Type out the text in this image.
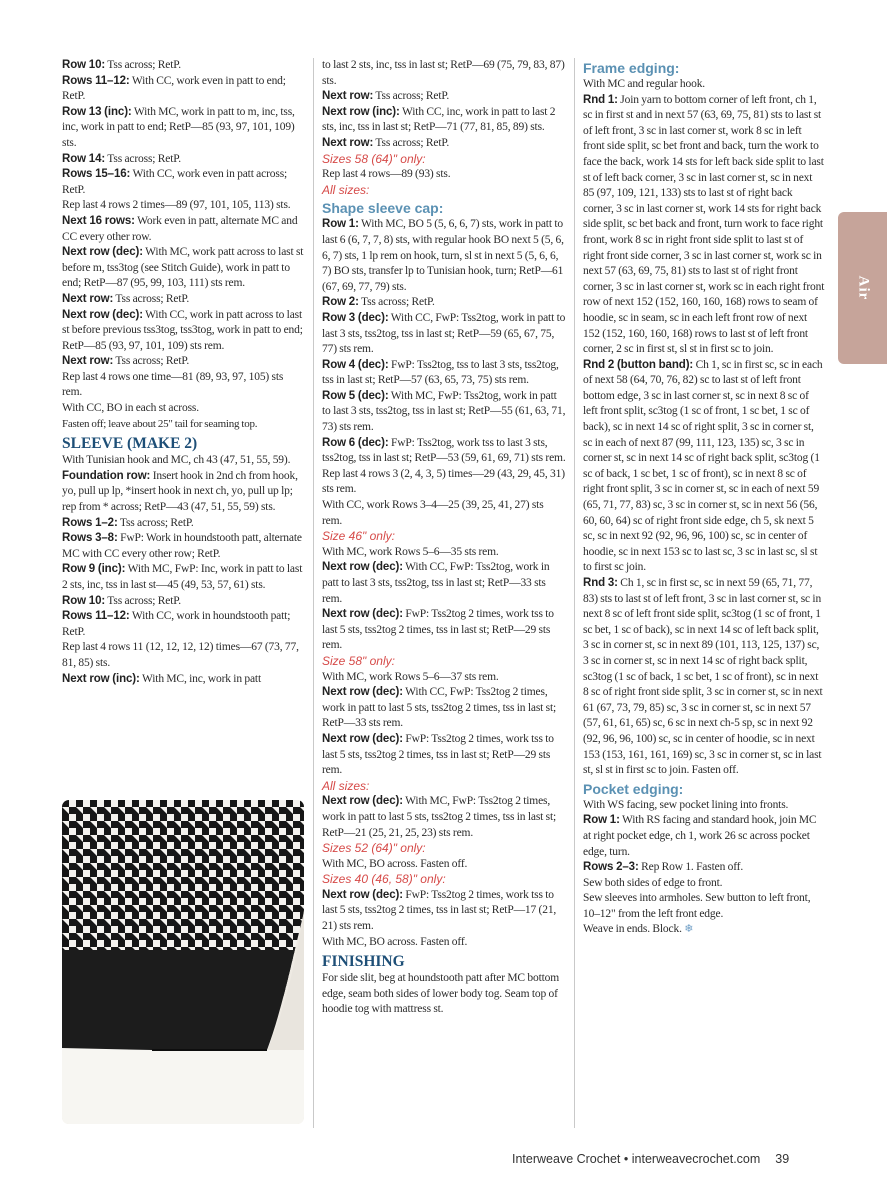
Row 10: Tss across; RetP.

Rows 11–12: With CC, work even in patt to end; RetP.

Row 13 (inc): With MC, work in patt to m, inc, tss, inc, work in patt to end; RetP—85 (93, 97, 101, 109) sts.

Row 14: Tss across; RetP.

Rows 15–16: With CC, work even in patt across; RetP.

Rep last 4 rows 2 times—89 (97, 101, 105, 113) sts.

Next 16 rows: Work even in patt, alternate MC and CC every other row.

Next row (dec): With MC, work patt across to last st before m, tss3tog (see Stitch Guide), work in patt to end; RetP—87 (95, 99, 103, 111) sts rem.

Next row: Tss across; RetP.

Next row (dec): With CC, work in patt across to last st before previous tss3tog, tss3tog, work in patt to end; RetP—85 (93, 97, 101, 109) sts rem.

Next row: Tss across; RetP.

Rep last 4 rows one time—81 (89, 93, 97, 105) sts rem.

With CC, BO in each st across.

Fasten off; leave about 25" tail for seaming top.

SLEEVE (MAKE 2)

With Tunisian hook and MC, ch 43 (47, 51, 55, 59).

Foundation row: Insert hook in 2nd ch from hook, yo, pull up lp, *insert hook in next ch, yo, pull up lp; rep from * across; RetP—43 (47, 51, 55, 59) sts.

Rows 1–2: Tss across; RetP.

Rows 3–8: FwP: Work in houndstooth patt, alternate MC with CC every other row; RetP.

Row 9 (inc): With MC, FwP: Inc, work in patt to last 2 sts, inc, tss in last st—45 (49, 53, 57, 61) sts.

Row 10: Tss across; RetP.

Rows 11–12: With CC, work in houndstooth patt; RetP.

Rep last 4 rows 11 (12, 12, 12, 12) times—67 (73, 77, 81, 85) sts.

Next row (inc): With MC, inc, work in patt

to last 2 sts, inc, tss in last st; RetP—69 (75, 79, 83, 87) sts.

Next row: Tss across; RetP.

Next row (inc): With CC, inc, work in patt to last 2 sts, inc, tss in last st; RetP—71 (77, 81, 85, 89) sts.

Next row: Tss across; RetP.

Sizes 58 (64)" only:

Rep last 4 rows—89 (93) sts.

All sizes:

Shape sleeve cap:

Row 1: With MC, BO 5 (5, 6, 6, 7) sts, work in patt to last 6 (6, 7, 7, 8) sts, with regular hook BO next 5 (5, 6, 6, 7) sts, 1 lp rem on hook, turn, sl st in next 5 (5, 6, 6, 7) BO sts, transfer lp to Tunisian hook, turn; RetP—61 (67, 69, 77, 79) sts.

Row 2: Tss across; RetP.

Row 3 (dec): With CC, FwP: Tss2tog, work in patt to last 3 sts, tss2tog, tss in last st; RetP—59 (65, 67, 75, 77) sts rem.

Row 4 (dec): FwP: Tss2tog, tss to last 3 sts, tss2tog, tss in last st; RetP—57 (63, 65, 73, 75) sts rem.

Row 5 (dec): With MC, FwP: Tss2tog, work in patt to last 3 sts, tss2tog, tss in last st; RetP—55 (61, 63, 71, 73) sts rem.

Row 6 (dec): FwP: Tss2tog, work tss to last 3 sts, tss2tog, tss in last st; RetP—53 (59, 61, 69, 71) sts rem.

Rep last 4 rows 3 (2, 4, 3, 5) times—29 (43, 29, 45, 31) sts rem.

With CC, work Rows 3–4—25 (39, 25, 41, 27) sts rem.

Size 46" only:

With MC, work Rows 5–6—35 sts rem.

Next row (dec): With CC, FwP: Tss2tog, work in patt to last 3 sts, tss2tog, tss in last st; RetP—33 sts rem.

Next row (dec): FwP: Tss2tog 2 times, work tss to last 5 sts, tss2tog 2 times, tss in last st; RetP—29 sts rem.

Size 58" only:

With MC, work Rows 5–6—37 sts rem.

Next row (dec): With CC, FwP: Tss2tog 2 times, work in patt to last 5 sts, tss2tog 2 times, tss in last st; RetP—33 sts rem.

Next row (dec): FwP: Tss2tog 2 times, work tss to last 5 sts, tss2tog 2 times, tss in last st; RetP—29 sts rem.

All sizes:

Next row (dec): With MC, FwP: Tss2tog 2 times, work in patt to last 5 sts, tss2tog 2 times, tss in last st; RetP—21 (25, 21, 25, 23) sts rem.

Sizes 52 (64)" only:

With MC, BO across. Fasten off.

Sizes 40 (46, 58)" only:

Next row (dec): FwP: Tss2tog 2 times, work tss to last 5 sts, tss2tog 2 times, tss in last st; RetP—17 (21, 21) sts rem.

With MC, BO across. Fasten off.

FINISHING

For side slit, beg at houndstooth patt after MC bottom edge, seam both sides of lower body tog. Seam top of hoodie tog with mattress st.

Frame edging:

With MC and regular hook.

Rnd 1: Join yarn to bottom corner of left front, ch 1, sc in first st and in next 57 (63, 69, 75, 81) sts to last st of left front, 3 sc in last corner st, work 8 sc in left front side split, sc bet front and back, turn the work to face the back, work 14 sts for left back side split to last st of left back corner, 3 sc in last corner st, sc in next 85 (97, 109, 121, 133) sts to last st of right back corner, 3 sc in last corner st, work 14 sts for right back side split, sc bet back and front, turn work to face right front, work 8 sc in right front side split to last st of right front side corner, 3 sc in last corner st, work sc in next 57 (63, 69, 75, 81) sts to last st of right front corner, 3 sc in last corner st, work sc in each right front row of next 152 (152, 160, 160, 168) rows to seam of hoodie, sc in seam, sc in each left front row of next 152 (152, 160, 160, 168) rows to last st of left front corner, 2 sc in first st, sl st in first sc to join.

Rnd 2 (button band): Ch 1, sc in first sc, sc in each of next 58 (64, 70, 76, 82) sc to last st of left front bottom edge, 3 sc in last corner st, sc in next 8 sc of left front split, sc3tog (1 sc of front, 1 sc bet, 1 sc of back), sc in next 14 sc of right split, 3 sc in corner st, sc in each of next 87 (99, 111, 123, 135) sc, 3 sc in corner st, sc in next 14 sc of right back split, sc3tog (1 sc of back, 1 sc bet, 1 sc of front), sc in next 8 sc of right front split, 3 sc in corner st, sc in each of next 59 (65, 71, 77, 83) sc, 3 sc in corner st, sc in next 56 (56, 60, 60, 64) sc of right front side edge, ch 5, sk next 5 sc, sc in next 92 (92, 96, 96, 100) sc, sc in center of hoodie, sc in next 153 sc to last sc, 3 sc in last sc, sl st to first sc join.

Rnd 3: Ch 1, sc in first sc, sc in next 59 (65, 71, 77, 83) sts to last st of left front, 3 sc in last corner st, sc in next 8 sc of left front side split, sc3tog (1 sc of front, 1 sc bet, 1 sc of back), sc in next 14 sc of left back split, 3 sc in corner st, sc in next 89 (101, 113, 125, 137) sc, 3 sc in corner st, sc in next 14 sc of right back split, sc3tog (1 sc of back, 1 sc bet, 1 sc of front), sc in next 8 sc of right front side split, 3 sc in corner st, sc in next 61 (67, 73, 79, 85) sc, 3 sc in corner st, sc in next 57 (57, 61, 61, 65) sc, 6 sc in next ch-5 sp, sc in next 92 (92, 96, 96, 100) sc, sc in center of hoodie, sc in next 153 (153, 161, 161, 169) sc, 3 sc in corner st, sc in last st, sl st in first sc to join. Fasten off.

Pocket edging:

With WS facing, sew pocket lining into fronts.

Row 1: With RS facing and standard hook, join MC at right pocket edge, ch 1, work 26 sc across pocket edge, turn.

Rows 2–3: Rep Row 1. Fasten off.

Sew both sides of edge to front.

Sew sleeves into armholes. Sew button to left front, 10–12" from the left front edge.

Weave in ends. Block. ❄

Air
Interweave Crochet • interweavecrochet.com 39
